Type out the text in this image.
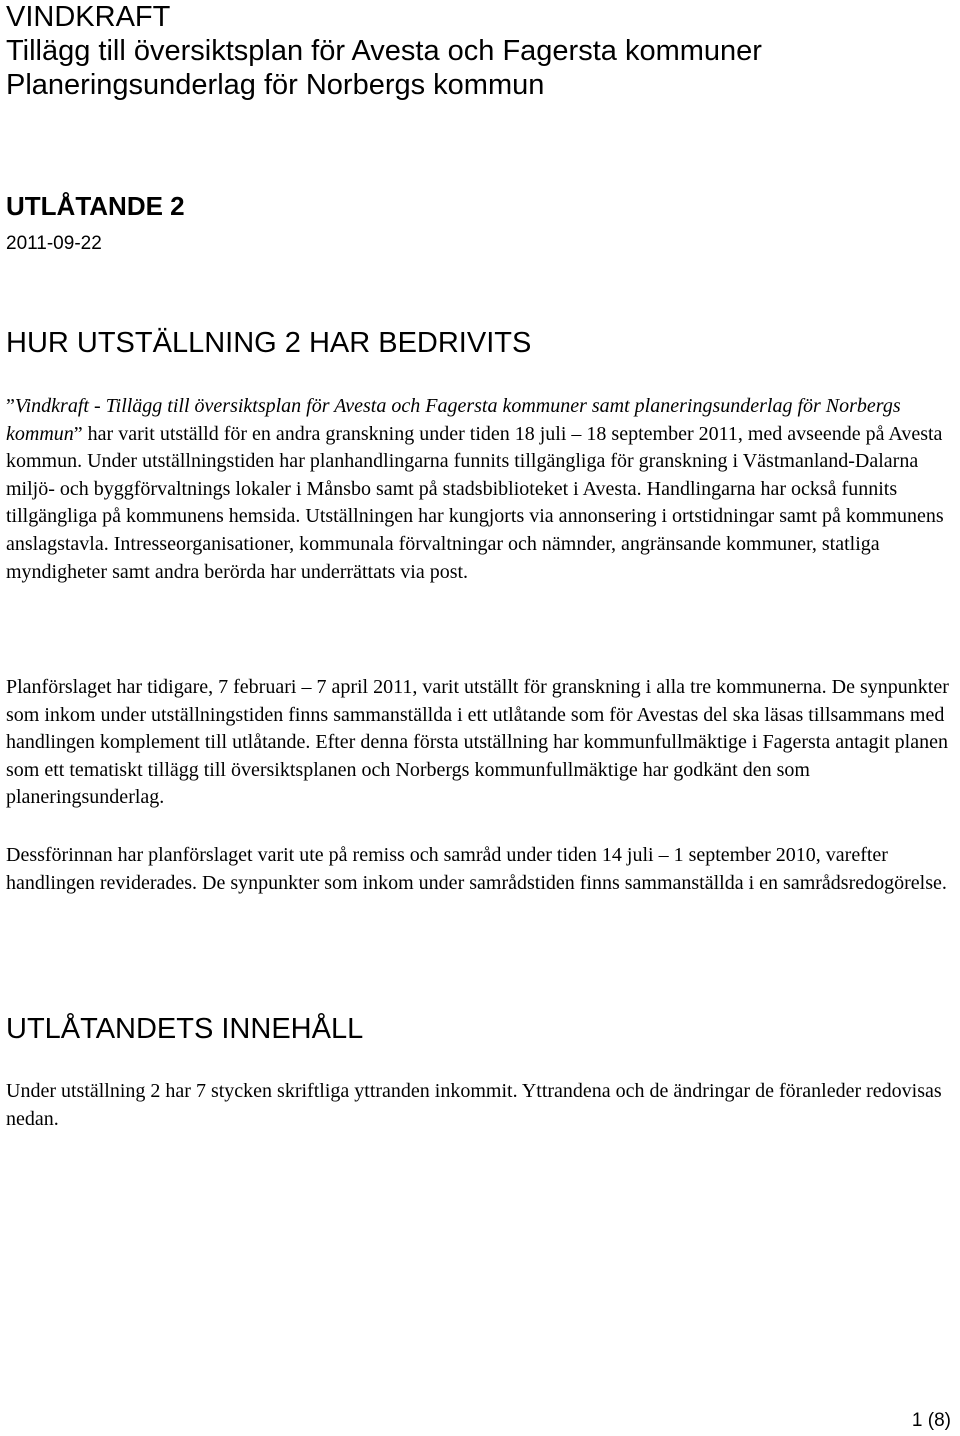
VINDKRAFT

Tillägg till översiktsplan för Avesta och Fagersta kommuner

Planeringsunderlag för Norbergs kommun

UTLÅTANDE 2

2011-09-22

HUR UTSTÄLLNING 2 HAR BEDRIVITS

”Vindkraft - Tillägg till översiktsplan för Avesta och Fagersta kommuner samt planeringsunderlag för Norbergs kommun” har varit utställd för en andra granskning under tiden 18 juli – 18 september 2011, med avseende på Avesta kommun. Under utställningstiden har planhandlingarna funnits tillgängliga för granskning i Västmanland-Dalarna miljö- och byggförvaltnings lokaler i Månsbo samt på stadsbiblioteket i Avesta. Handlingarna har också funnits tillgängliga på kommunens hemsida. Utställningen har kungjorts via annonsering i ortstidningar samt på kommunens anslagstavla. Intresseorganisationer, kommunala förvaltningar och nämnder, angränsande kommuner, statliga myndigheter samt andra berörda har underrättats via post.

Planförslaget har tidigare, 7 februari – 7 april 2011, varit utställt för granskning i alla tre kommunerna. De synpunkter som inkom under utställningstiden finns sammanställda i ett utlåtande som för Avestas del ska läsas tillsammans med handlingen komplement till utlåtande. Efter denna första utställning har kommunfullmäktige i Fagersta antagit planen som ett tematiskt tillägg till översiktsplanen och Norbergs kommunfullmäktige har godkänt den som planeringsunderlag.

Dessförinnan har planförslaget varit ute på remiss och samråd under tiden 14 juli – 1 september 2010, varefter handlingen reviderades. De synpunkter som inkom under samrådstiden finns sammanställda i en samrådsredogörelse.

UTLÅTANDETS INNEHÅLL

Under utställning 2 har 7 stycken skriftliga yttranden inkommit. Yttrandena och de ändringar de föranleder redovisas nedan.

1 (8)
